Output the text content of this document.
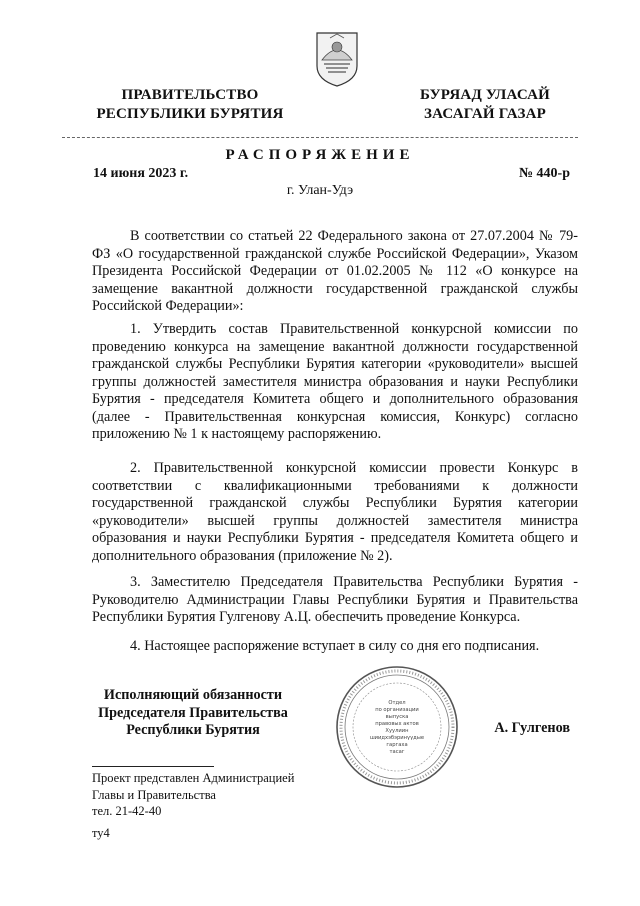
ПРАВИТЕЛЬСТВО
РЕСПУБЛИКИ БУРЯТИЯ
БУРЯАД УЛАСАЙ
ЗАСАГАЙ ГАЗАР
РАСПОРЯЖЕНИЕ
14 июня 2023 г.	№ 440-р
г. Улан-Удэ

В соответствии со статьей 22 Федерального закона от 27.07.2004 № 79-ФЗ «О государственной гражданской службе Российской Федерации», Указом Президента Российской Федерации от 01.02.2005 № 112 «О конкурсе на замещение вакантной должности государственной гражданской службы Российской Федерации»:

1. Утвердить состав Правительственной конкурсной комиссии по проведению конкурса на замещение вакантной должности государственной гражданской службы Республики Бурятия категории «руководители» высшей группы должностей заместителя министра образования и науки Республики Бурятия - председателя Комитета общего и дополнительного образования (далее - Правительственная конкурсная комиссия, Конкурс) согласно приложению № 1 к настоящему распоряжению.

2. Правительственной конкурсной комиссии провести Конкурс в соответствии с квалификационными требованиями к должности государственной гражданской службы Республики Бурятия категории «руководители» высшей группы должностей заместителя министра образования и науки Республики Бурятия - председателя Комитета общего и дополнительного образования (приложение № 2).

3. Заместителю Председателя Правительства Республики Бурятия - Руководителю Администрации Главы Республики Бурятия и Правительства Республики Бурятия Гулгенову А.Ц. обеспечить проведение Конкурса.

4. Настоящее распоряжение вступает в силу со дня его подписания.

Исполняющий обязанности
Председателя Правительства
Республики Бурятия
Отдел
по организации
выпуска
правовых актов
Хуулиин
шиидхэбэринүүдые
гаргаха
тасаг
А. Гулгенов
Проект представлен Администрацией
Главы и Правительства
тел. 21-42-40
ту4
